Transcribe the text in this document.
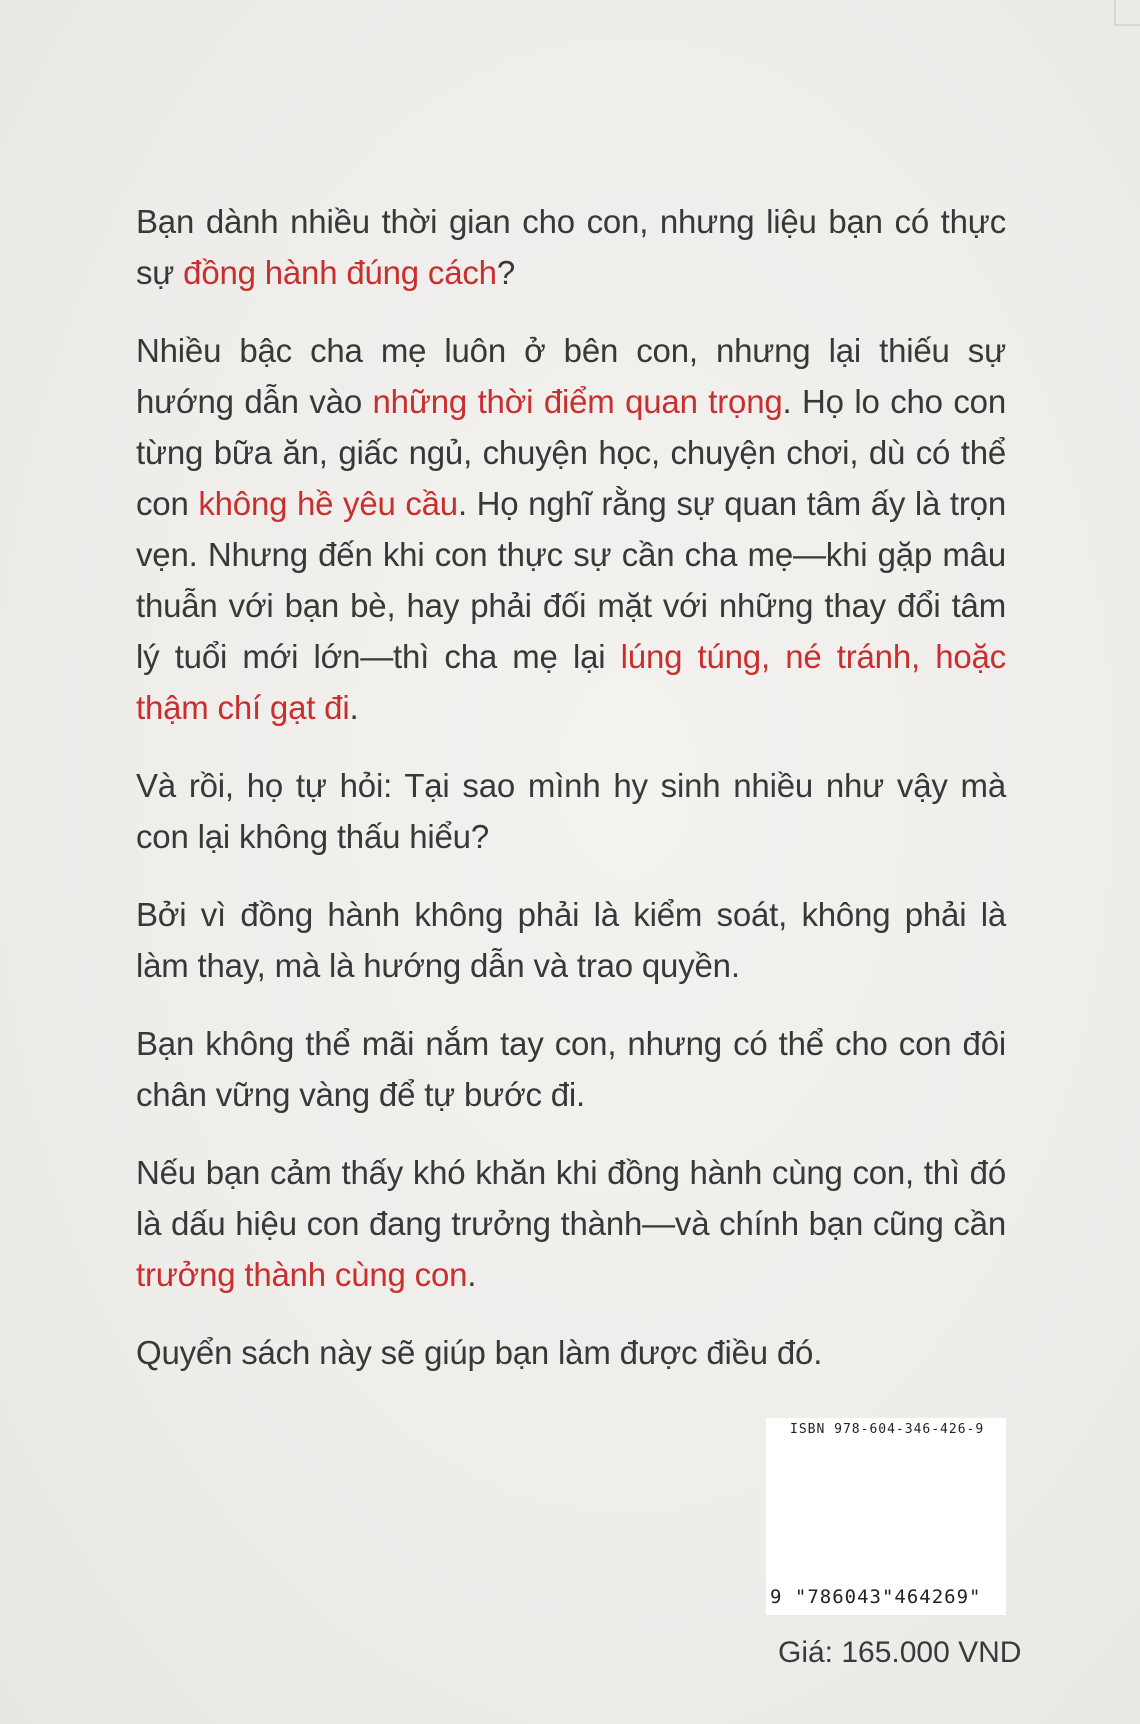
Bạn dành nhiều thời gian cho con, nhưng liệu bạn có thực sự đồng hành đúng cách?

Nhiều bậc cha mẹ luôn ở bên con, nhưng lại thiếu sự hướng dẫn vào những thời điểm quan trọng. Họ lo cho con từng bữa ăn, giấc ngủ, chuyện học, chuyện chơi, dù có thể con không hề yêu cầu. Họ nghĩ rằng sự quan tâm ấy là trọn vẹn. Nhưng đến khi con thực sự cần cha mẹ—khi gặp mâu thuẫn với bạn bè, hay phải đối mặt với những thay đổi tâm lý tuổi mới lớn—thì cha mẹ lại lúng túng, né tránh, hoặc thậm chí gạt đi.

Và rồi, họ tự hỏi: Tại sao mình hy sinh nhiều như vậy mà con lại không thấu hiểu?

Bởi vì đồng hành không phải là kiểm soát, không phải là làm thay, mà là hướng dẫn và trao quyền.

Bạn không thể mãi nắm tay con, nhưng có thể cho con đôi chân vững vàng để tự bước đi.

Nếu bạn cảm thấy khó khăn khi đồng hành cùng con, thì đó là dấu hiệu con đang trưởng thành—và chính bạn cũng cần trưởng thành cùng con.

Quyển sách này sẽ giúp bạn làm được điều đó.

ISBN 978-604-346-426-9
9 "786043"464269"
Giá: 165.000 VND
